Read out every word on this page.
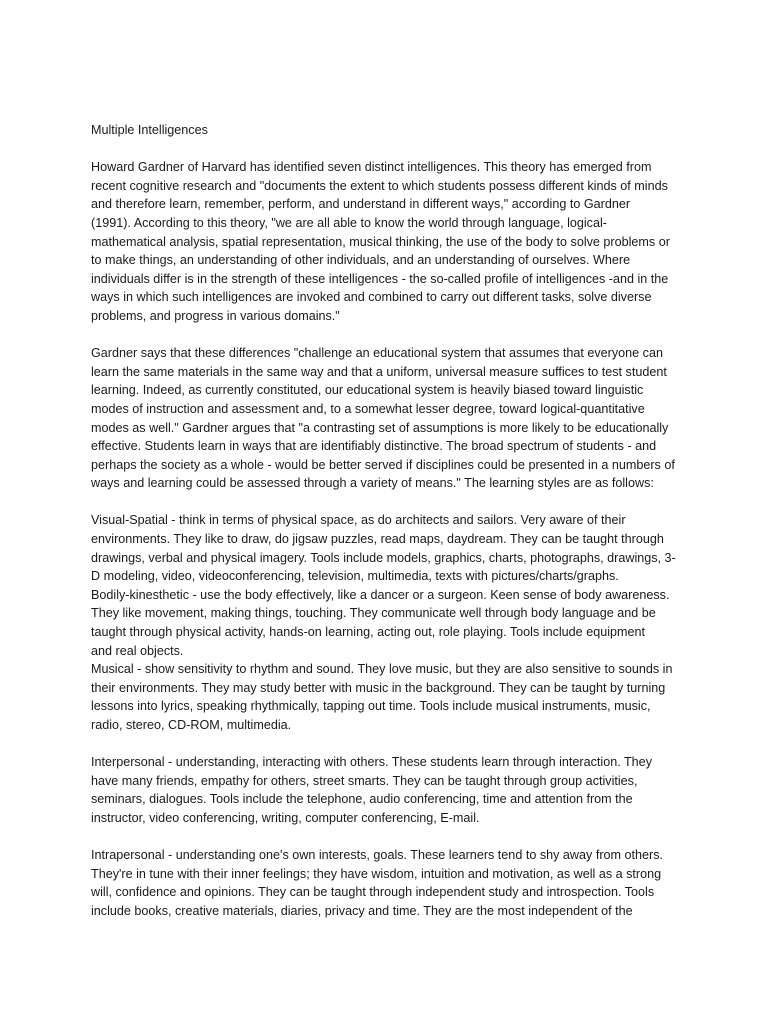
Multiple Intelligences
Howard Gardner of Harvard has identified seven distinct intelligences. This theory has emerged from
recent cognitive research and "documents the extent to which students possess different kinds of minds
and therefore learn, remember, perform, and understand in different ways," according to Gardner
(1991). According to this theory, "we are all able to know the world through language, logical-
mathematical analysis, spatial representation, musical thinking, the use of the body to solve problems or
to make things, an understanding of other individuals, and an understanding of ourselves. Where
individuals differ is in the strength of these intelligences - the so-called profile of intelligences -and in the
ways in which such intelligences are invoked and combined to carry out different tasks, solve diverse
problems, and progress in various domains."
Gardner says that these differences "challenge an educational system that assumes that everyone can
learn the same materials in the same way and that a uniform, universal measure suffices to test student
learning. Indeed, as currently constituted, our educational system is heavily biased toward linguistic
modes of instruction and assessment and, to a somewhat lesser degree, toward logical-quantitative
modes as well." Gardner argues that "a contrasting set of assumptions is more likely to be educationally
effective. Students learn in ways that are identifiably distinctive. The broad spectrum of students - and
perhaps the society as a whole - would be better served if disciplines could be presented in a numbers of
ways and learning could be assessed through a variety of means." The learning styles are as follows:
Visual-Spatial - think in terms of physical space, as do architects and sailors. Very aware of their
environments. They like to draw, do jigsaw puzzles, read maps, daydream. They can be taught through
drawings, verbal and physical imagery. Tools include models, graphics, charts, photographs, drawings, 3-
D modeling, video, videoconferencing, television, multimedia, texts with pictures/charts/graphs.
Bodily-kinesthetic - use the body effectively, like a dancer or a surgeon. Keen sense of body awareness.
They like movement, making things, touching. They communicate well through body language and be
taught through physical activity, hands-on learning, acting out, role playing. Tools include equipment
and real objects.
Musical - show sensitivity to rhythm and sound. They love music, but they are also sensitive to sounds in
their environments. They may study better with music in the background. They can be taught by turning
lessons into lyrics, speaking rhythmically, tapping out time. Tools include musical instruments, music,
radio, stereo, CD-ROM, multimedia.
Interpersonal - understanding, interacting with others. These students learn through interaction. They
have many friends, empathy for others, street smarts. They can be taught through group activities,
seminars, dialogues. Tools include the telephone, audio conferencing, time and attention from the
instructor, video conferencing, writing, computer conferencing, E-mail.
Intrapersonal - understanding one's own interests, goals. These learners tend to shy away from others.
They're in tune with their inner feelings; they have wisdom, intuition and motivation, as well as a strong
will, confidence and opinions. They can be taught through independent study and introspection. Tools
include books, creative materials, diaries, privacy and time. They are the most independent of the
